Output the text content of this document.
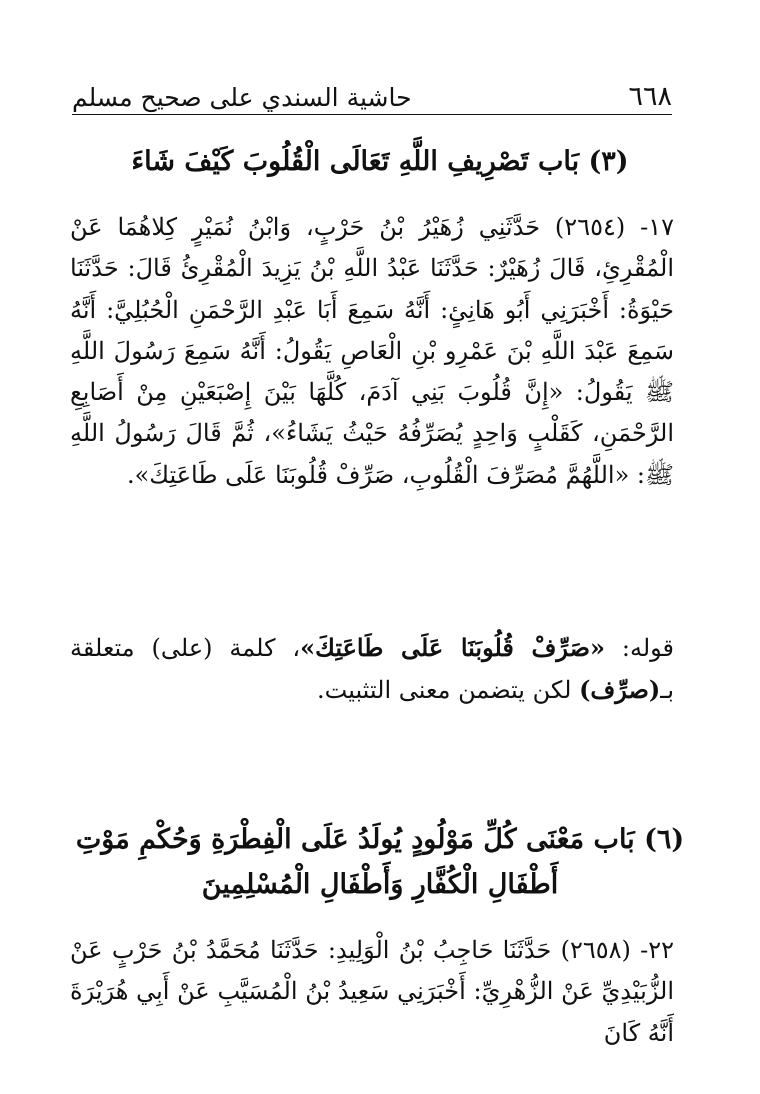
٦٦٨
حاشية السندي على صحيح مسلم
(٣) بَاب تَصْرِيفِ اللَّهِ تَعَالَى الْقُلُوبَ كَيْفَ شَاءَ
١٧- (٢٦٥٤) حَدَّثَنِي زُهَيْرُ بْنُ حَرْبٍ، وَابْنُ نُمَيْرٍ كِلاهُمَا عَنْ الْمُقْرِئِ، قَالَ زُهَيْرٌ: حَدَّثَنَا عَبْدُ اللَّهِ بْنُ يَزِيدَ الْمُقْرِئُ قَالَ: حَدَّثَنَا حَيْوَةُ: أَخْبَرَنِي أَبُو هَانِئٍ: أَنَّهُ سَمِعَ أَبَا عَبْدِ الرَّحْمَنِ الْحُبُلِيَّ: أَنَّهُ سَمِعَ عَبْدَ اللَّهِ بْنَ عَمْرِو بْنِ الْعَاصِ يَقُولُ: أَنَّهُ سَمِعَ رَسُولَ اللَّهِ ﷺ يَقُولُ: «إِنَّ قُلُوبَ بَنِي آدَمَ، كُلَّهَا بَيْنَ إِصْبَعَيْنِ مِنْ أَصَابِعِ الرَّحْمَنِ، كَقَلْبٍ وَاحِدٍ يُصَرِّفُهُ حَيْثُ يَشَاءُ»، ثُمَّ قَالَ رَسُولُ اللَّهِ ﷺ: «اللَّهُمَّ مُصَرِّفَ الْقُلُوبِ، صَرِّفْ قُلُوبَنَا عَلَى طَاعَتِكَ».
قوله: «صَرِّفْ قُلُوبَنَا عَلَى طَاعَتِكَ»، كلمة (على) متعلقة بـ(صرِّف) لكن يتضمن معنى التثبيت.
(٦) بَاب مَعْنَى كُلِّ مَوْلُودٍ يُولَدُ عَلَى الْفِطْرَةِ وَحُكْمِ مَوْتِ أَطْفَالِ الْكُفَّارِ وَأَطْفَالِ الْمُسْلِمِينَ
٢٢- (٢٦٥٨) حَدَّثَنَا حَاجِبُ بْنُ الْوَلِيدِ: حَدَّثَنَا مُحَمَّدُ بْنُ حَرْبٍ عَنْ الزُّبَيْدِيِّ عَنْ الزُّهْرِيِّ: أَخْبَرَنِي سَعِيدُ بْنُ الْمُسَيَّبِ عَنْ أَبِي هُرَيْرَةَ أَنَّهُ كَانَ
